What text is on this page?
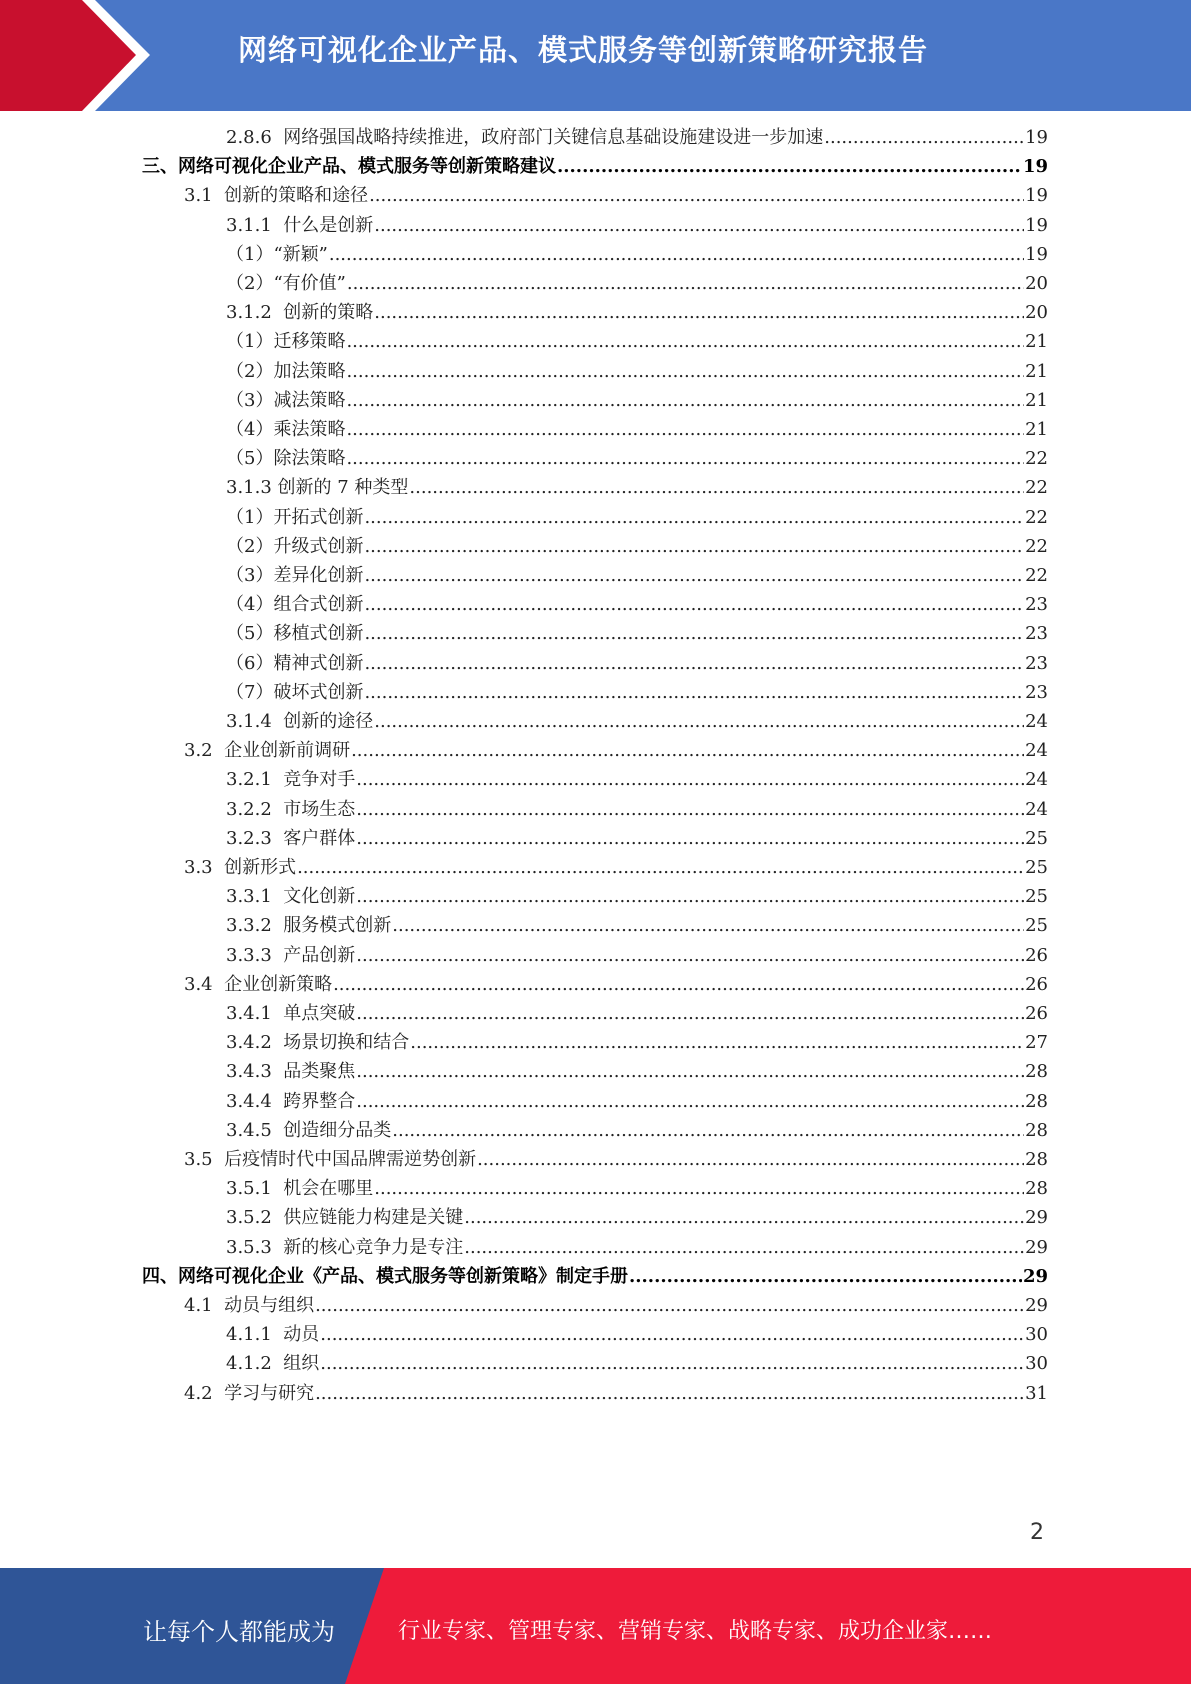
网络可视化企业产品、模式服务等创新策略研究报告
2.8.6  网络强国战略持续推进，政府部门关键信息基础设施建设进一步加速 .....	19
三、网络可视化企业产品、模式服务等创新策略建议 .....	19
3.1  创新的策略和途径 .....	19
3.1.1  什么是创新 .....	19
（1）“新颖” .....	19
（2）“有价值” .....	20
3.1.2  创新的策略 .....	20
（1）迁移策略 .....	21
（2）加法策略 .....	21
（3）减法策略 .....	21
（4）乘法策略 .....	21
（5）除法策略 .....	22
3.1.3 创新的 7 种类型 .....	22
（1）开拓式创新 .....	22
（2）升级式创新 .....	22
（3）差异化创新 .....	22
（4）组合式创新 .....	23
（5）移植式创新 .....	23
（6）精神式创新 .....	23
（7）破坏式创新 .....	23
3.1.4  创新的途径 .....	24
3.2  企业创新前调研 .....	24
3.2.1  竞争对手 .....	24
3.2.2  市场生态 .....	24
3.2.3  客户群体 .....	25
3.3  创新形式 .....	25
3.3.1  文化创新 .....	25
3.3.2  服务模式创新 .....	25
3.3.3  产品创新 .....	26
3.4  企业创新策略 .....	26
3.4.1  单点突破 .....	26
3.4.2  场景切换和结合 .....	27
3.4.3  品类聚焦 .....	28
3.4.4  跨界整合 .....	28
3.4.5  创造细分品类 .....	28
3.5  后疫情时代中国品牌需逆势创新 .....	28
3.5.1  机会在哪里 .....	28
3.5.2  供应链能力构建是关键 .....	29
3.5.3  新的核心竞争力是专注 .....	29
四、网络可视化企业《产品、模式服务等创新策略》制定手册 .....	29
4.1  动员与组织 .....	29
4.1.1  动员 .....	30
4.1.2  组织 .....	30
4.2  学习与研究 .....	31
2
让每个人都能成为	行业专家、管理专家、营销专家、战略专家、成功企业家……
